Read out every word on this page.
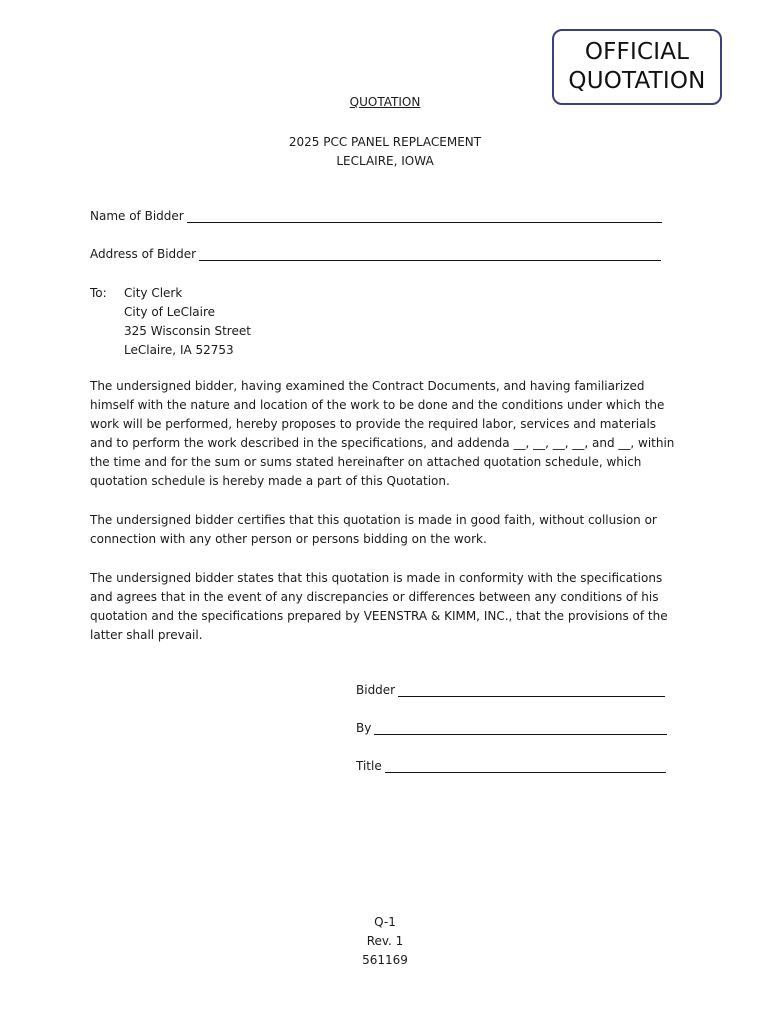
OFFICIAL
QUOTATION
QUOTATION
2025 PCC PANEL REPLACEMENT
LECLAIRE, IOWA
Name of Bidder
Address of Bidder
To:	City Clerk
City of LeClaire
325 Wisconsin Street
LeClaire, IA 52753
The undersigned bidder, having examined the Contract Documents, and having familiarized himself with the nature and location of the work to be done and the conditions under which the work will be performed, hereby proposes to provide the required labor, services and materials and to perform the work described in the specifications, and addenda __, __, __, __, and __, within the time and for the sum or sums stated hereinafter on attached quotation schedule, which quotation schedule is hereby made a part of this Quotation.
The undersigned bidder certifies that this quotation is made in good faith, without collusion or connection with any other person or persons bidding on the work.
The undersigned bidder states that this quotation is made in conformity with the specifications and agrees that in the event of any discrepancies or differences between any conditions of his quotation and the specifications prepared by VEENSTRA & KIMM, INC., that the provisions of the latter shall prevail.
Bidder
By
Title
Q-1
Rev. 1
561169
